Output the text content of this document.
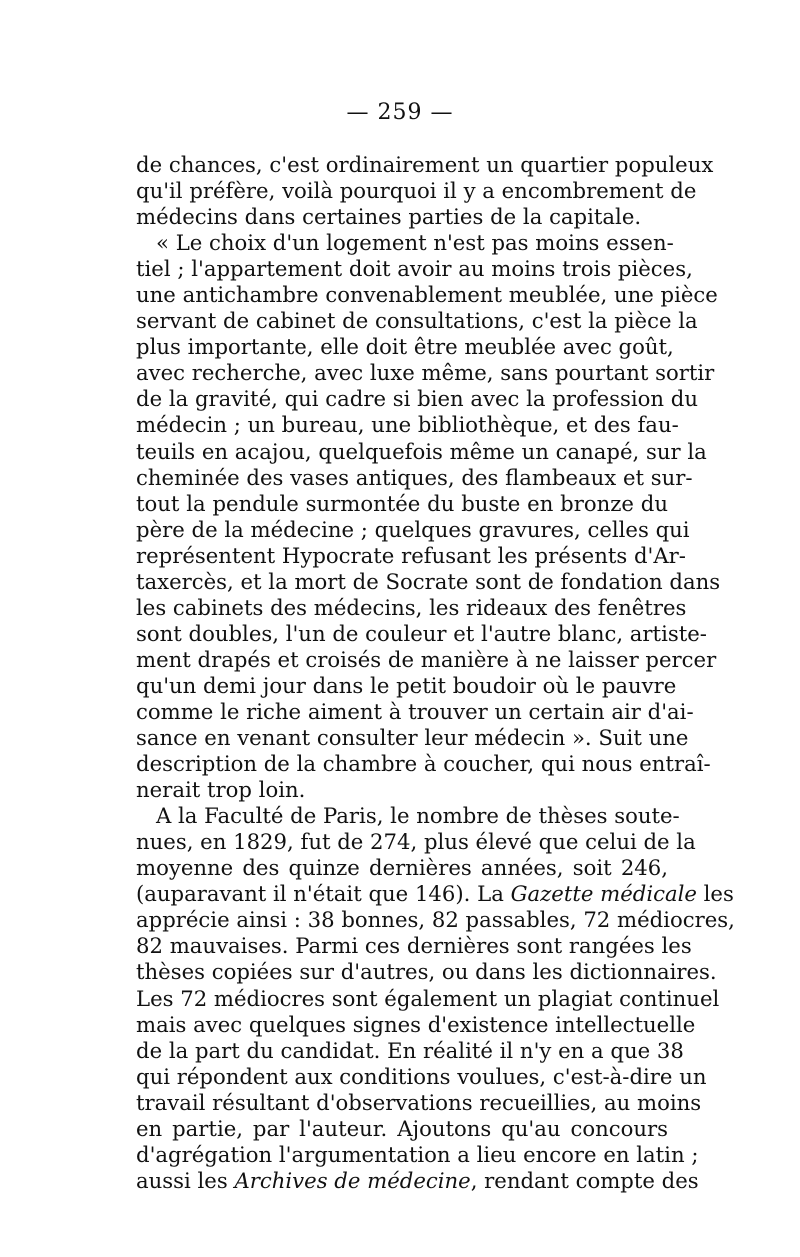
— 259 —
de chances, c'est ordinairement un quartier populeux
qu'il préfère, voilà pourquoi il y a encombrement de
médecins dans certaines parties de la capitale.
« Le choix d'un logement n'est pas moins essen-
tiel ; l'appartement doit avoir au moins trois pièces,
une antichambre convenablement meublée, une pièce
servant de cabinet de consultations, c'est la pièce la
plus importante, elle doit être meublée avec goût,
avec recherche, avec luxe même, sans pourtant sortir
de la gravité, qui cadre si bien avec la profession du
médecin ; un bureau, une bibliothèque, et des fau-
teuils en acajou, quelquefois même un canapé, sur la
cheminée des vases antiques, des flambeaux et sur-
tout la pendule surmontée du buste en bronze du
père de la médecine ; quelques gravures, celles qui
représentent Hypocrate refusant les présents d'Ar-
taxercès, et la mort de Socrate sont de fondation dans
les cabinets des médecins, les rideaux des fenêtres
sont doubles, l'un de couleur et l'autre blanc, artiste-
ment drapés et croisés de manière à ne laisser percer
qu'un demi jour dans le petit boudoir où le pauvre
comme le riche aiment à trouver un certain air d'ai-
sance en venant consulter leur médecin ». Suit une
description de la chambre à coucher, qui nous entraî-
nerait trop loin.
A la Faculté de Paris, le nombre de thèses soute-
nues, en 1829, fut de 274, plus élevé que celui de la
moyenne des quinze dernières années, soit 246,
(auparavant il n'était que 146). La Gazette médicale les
apprécie ainsi : 38 bonnes, 82 passables, 72 médiocres,
82 mauvaises. Parmi ces dernières sont rangées les
thèses copiées sur d'autres, ou dans les dictionnaires.
Les 72 médiocres sont également un plagiat continuel
mais avec quelques signes d'existence intellectuelle
de la part du candidat. En réalité il n'y en a que 38
qui répondent aux conditions voulues, c'est-à-dire un
travail résultant d'observations recueillies, au moins
en partie, par l'auteur. Ajoutons qu'au concours
d'agrégation l'argumentation a lieu encore en latin ;
aussi les Archives de médecine, rendant compte des
